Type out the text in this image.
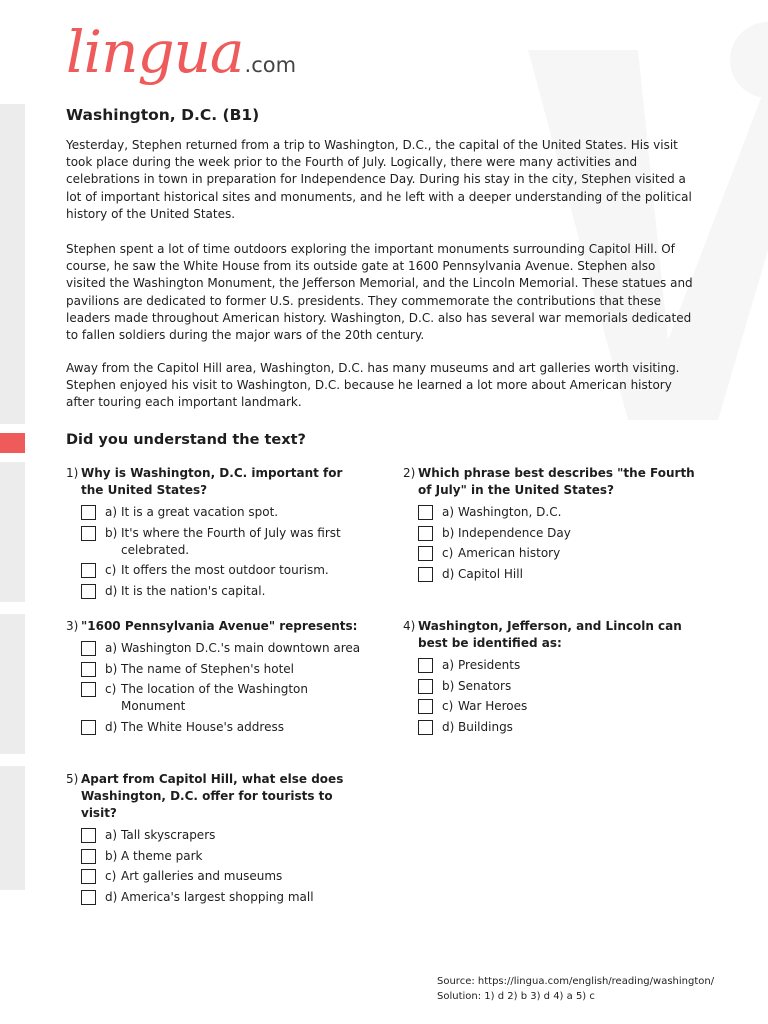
lingua.com
Washington, D.C. (B1)

Yesterday, Stephen returned from a trip to Washington, D.C., the capital of the United States. His visit took place during the week prior to the Fourth of July. Logically, there were many activities and celebrations in town in preparation for Independence Day. During his stay in the city, Stephen visited a lot of important historical sites and monuments, and he left with a deeper understanding of the political history of the United States.

Stephen spent a lot of time outdoors exploring the important monuments surrounding Capitol Hill. Of course, he saw the White House from its outside gate at 1600 Pennsylvania Avenue. Stephen also visited the Washington Monument, the Jefferson Memorial, and the Lincoln Memorial. These statues and pavilions are dedicated to former U.S. presidents. They commemorate the contributions that these leaders made throughout American history. Washington, D.C. also has several war memorials dedicated to fallen soldiers during the major wars of the 20th century.

Away from the Capitol Hill area, Washington, D.C. has many museums and art galleries worth visiting. Stephen enjoyed his visit to Washington, D.C. because he learned a lot more about American history after touring each important landmark.

Did you understand the text?
1) Why is Washington, D.C. important for the United States?
a) It is a great vacation spot.
b) It's where the Fourth of July was first celebrated.
c) It offers the most outdoor tourism.
d) It is the nation's capital.
2) Which phrase best describes "the Fourth of July" in the United States?
a) Washington, D.C.
b) Independence Day
c) American history
d) Capitol Hill
3) "1600 Pennsylvania Avenue" represents:
a) Washington D.C.'s main downtown area
b) The name of Stephen's hotel
c) The location of the Washington Monument
d) The White House's address
4) Washington, Jefferson, and Lincoln can best be identified as:
a) Presidents
b) Senators
c) War Heroes
d) Buildings
5) Apart from Capitol Hill, what else does Washington, D.C. offer for tourists to visit?
a) Tall skyscrapers
b) A theme park
c) Art galleries and museums
d) America's largest shopping mall
Source: https://lingua.com/english/reading/washington/
Solution: 1) d 2) b 3) d 4) a 5) c
